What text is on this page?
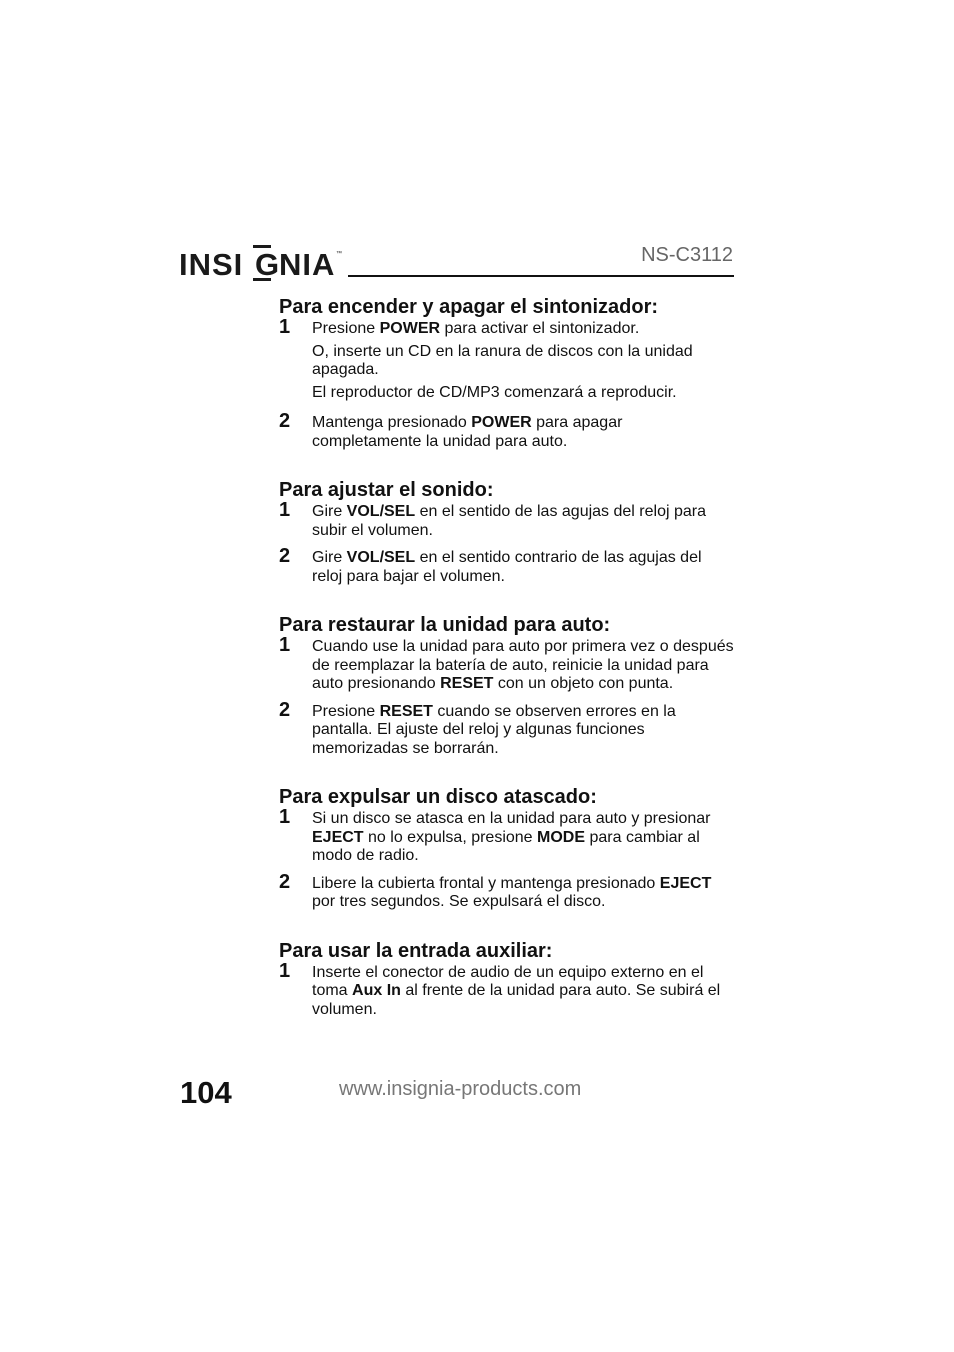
INSI G NIA ™	NS-C3112
Para encender y apagar el sintonizador:
1 Presione POWER para activar el sintonizador.

O, inserte un CD en la ranura de discos con la unidad apagada.

El reproductor de CD/MP3 comenzará a reproducir.

2 Mantenga presionado POWER para apagar completamente la unidad para auto.

Para ajustar el sonido:
1 Gire VOL/SEL en el sentido de las agujas del reloj para subir el volumen.

2 Gire VOL/SEL en el sentido contrario de las agujas del reloj para bajar el volumen.

Para restaurar la unidad para auto:
1 Cuando use la unidad para auto por primera vez o después de reemplazar la batería de auto, reinicie la unidad para auto presionando RESET con un objeto con punta.

2 Presione RESET cuando se observen errores en la pantalla. El ajuste del reloj y algunas funciones memorizadas se borrarán.

Para expulsar un disco atascado:
1 Si un disco se atasca en la unidad para auto y presionar EJECT no lo expulsa, presione MODE para cambiar al modo de radio.

2 Libere la cubierta frontal y mantenga presionado EJECT por tres segundos. Se expulsará el disco.

Para usar la entrada auxiliar:
1 Inserte el conector de audio de un equipo externo en el toma Aux In al frente de la unidad para auto. Se subirá el volumen.

104	www.insignia-products.com
